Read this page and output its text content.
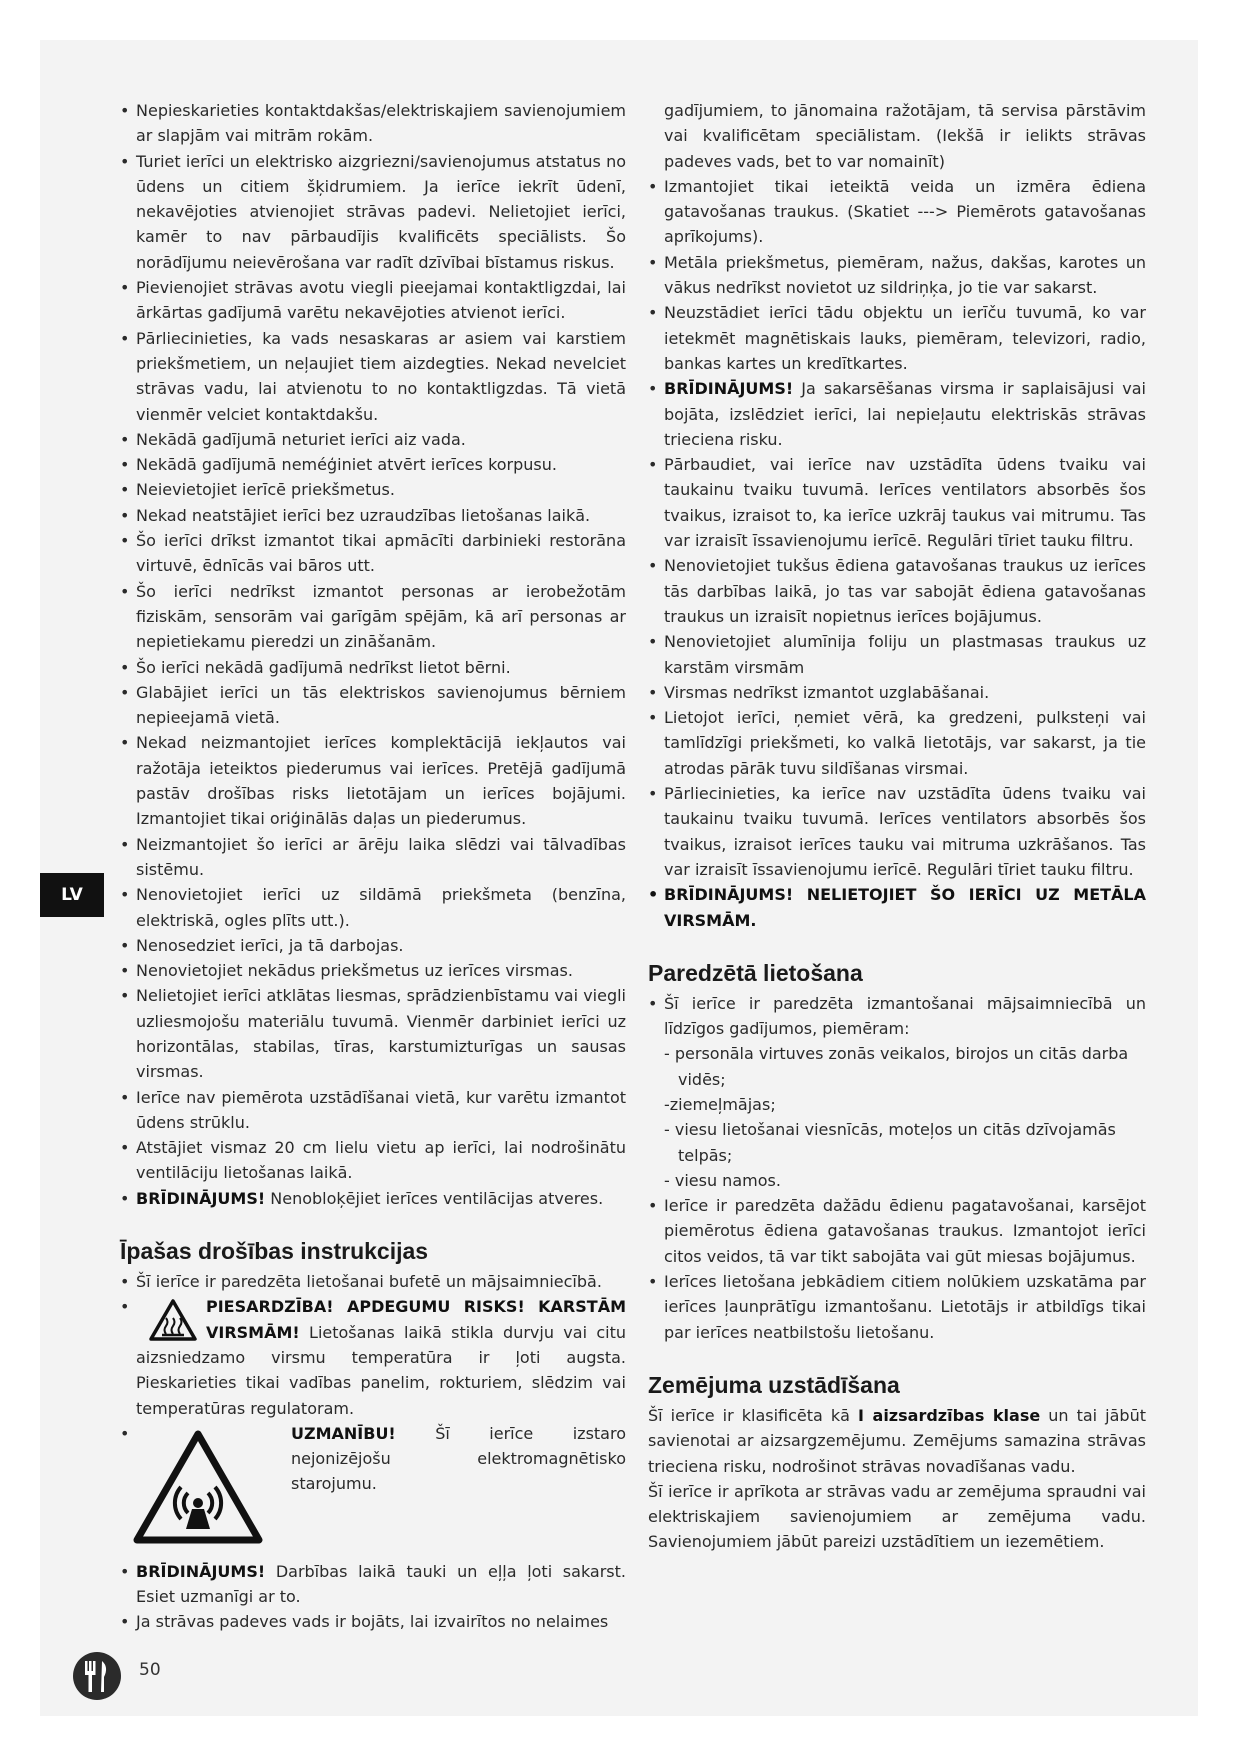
• Nepieskarieties kontaktdakšas/elektriskajiem savienojumiem ar slapjām vai mitrām rokām.
• Turiet ierīci un elektrisko aizgriezni/savienojumus atstatus no ūdens un citiem šķidrumiem. Ja ierīce iekrīt ūdenī, nekavējoties atvienojiet strāvas padevi. Nelietojiet ierīci, kamēr to nav pārbaudījis kvalificēts speciālists. Šo norādījumu neievērošana var radīt dzīvībai bīstamus riskus.
• Pievienojiet strāvas avotu viegli pieejamai kontaktligzdai, lai ārkārtas gadījumā varētu nekavējoties atvienot ierīci.
• Pārliecinieties, ka vads nesaskaras ar asiem vai karstiem priekšmetiem, un neļaujiet tiem aizdegties. Nekad nevelciet strāvas vadu, lai atvienotu to no kontaktligzdas. Tā vietā vienmēr velciet kontaktdakšu.
• Nekādā gadījumā neturiet ierīci aiz vada.
• Nekādā gadījumā neméģiniet atvērt ierīces korpusu.
• Neievietojiet ierīcē priekšmetus.
• Nekad neatstājiet ierīci bez uzraudzības lietošanas laikā.
• Šo ierīci drīkst izmantot tikai apmācīti darbinieki restorāna virtuvē, ēdnīcās vai bāros utt.
• Šo ierīci nedrīkst izmantot personas ar ierobežotām fiziskām, sensorām vai garīgām spējām, kā arī personas ar nepietiekamu pieredzi un zināšanām.
• Šo ierīci nekādā gadījumā nedrīkst lietot bērni.
• Glabājiet ierīci un tās elektriskos savienojumus bērniem nepieejamā vietā.
• Nekad neizmantojiet ierīces komplektācijā iekļautos vai ražotāja ieteiktos piederumus vai ierīces. Pretējā gadījumā pastāv drošības risks lietotājam un ierīces bojājumi. Izmantojiet tikai oriģinālās daļas un piederumus.
• Neizmantojiet šo ierīci ar ārēju laika slēdzi vai tālvadības sistēmu.
• Nenovietojiet ierīci uz sildāmā priekšmeta (benzīna, elektriskā, ogles plīts utt.).
• Nenosedziet ierīci, ja tā darbojas.
• Nenovietojiet nekādus priekšmetus uz ierīces virsmas.
• Nelietojiet ierīci atklātas liesmas, sprādzienbīstamu vai viegli uzliesmojošu materiālu tuvumā. Vienmēr darbiniet ierīci uz horizontālas, stabilas, tīras, karstumizturīgas un sausas virsmas.
• Ierīce nav piemērota uzstādīšanai vietā, kur varētu izmantot ūdens strūklu.
• Atstājiet vismaz 20 cm lielu vietu ap ierīci, lai nodrošinātu ventilāciju lietošanas laikā.
• BRĪDINĀJUMS! Nenobloķējiet ierīces ventilācijas atveres.
Īpašas drošības instrukcijas
• Šī ierīce ir paredzēta lietošanai bufetē un mājsaimniecībā.
• PIESARDZĪBA! APDEGUMU RISKS! KARSTĀM VIRSMĀM! Lietošanas laikā stikla durvju vai citu aizsniedzamo virsmu temperatūra ir ļoti augsta. Pieskarieties tikai vadības panelim, rokturiem, slēdzim vai temperatūras regulatoram.
• UZMANĪBU! Šī ierīce izstaro nejonizējošu elektromagnētisko starojumu.
• BRĪDINĀJUMS! Darbības laikā tauki un eļļa ļoti sakarst. Esiet uzmanīgi ar to.
• Ja strāvas padeves vads ir bojāts, lai izvairītos no nelaimes
gadījumiem, to jānomaina ražotājam, tā servisa pārstāvim vai kvalificētam speciālistam. (Iekšā ir ielikts strāvas padeves vads, bet to var nomainīt)
• Izmantojiet tikai ieteiktā veida un izmēra ēdiena gatavošanas traukus. (Skatiet ---> Piemērots gatavošanas aprīkojums).
• Metāla priekšmetus, piemēram, nažus, dakšas, karotes un vākus nedrīkst novietot uz sildriņķa, jo tie var sakarst.
• Neuzstādiet ierīci tādu objektu un ierīču tuvumā, ko var ietekmēt magnētiskais lauks, piemēram, televizori, radio, bankas kartes un kredītkartes.
• BRĪDINĀJUMS! Ja sakarsēšanas virsma ir saplaisājusi vai bojāta, izslēdziet ierīci, lai nepieļautu elektriskās strāvas trieciena risku.
• Pārbaudiet, vai ierīce nav uzstādīta ūdens tvaiku vai taukainu tvaiku tuvumā. Ierīces ventilators absorbēs šos tvaikus, izraisot to, ka ierīce uzkrāj taukus vai mitrumu. Tas var izraisīt īssavienojumu ierīcē. Regulāri tīriet tauku filtru.
• Nenovietojiet tukšus ēdiena gatavošanas traukus uz ierīces tās darbības laikā, jo tas var sabojāt ēdiena gatavošanas traukus un izraisīt nopietnus ierīces bojājumus.
• Nenovietojiet alumīnija foliju un plastmasas traukus uz karstām virsmām
• Virsmas nedrīkst izmantot uzglabāšanai.
• Lietojot ierīci, ņemiet vērā, ka gredzeni, pulksteņi vai tamlīdzīgi priekšmeti, ko valkā lietotājs, var sakarst, ja tie atrodas pārāk tuvu sildīšanas virsmai.
• Pārliecinieties, ka ierīce nav uzstādīta ūdens tvaiku vai taukainu tvaiku tuvumā. Ierīces ventilators absorbēs šos tvaikus, izraisot ierīces tauku vai mitruma uzkrāšanos. Tas var izraisīt īssavienojumu ierīcē. Regulāri tīriet tauku filtru.
• BRĪDINĀJUMS! NELIETOJIET ŠO IERĪCI UZ METĀLA VIRSMĀM.
Paredzētā lietošana
• Šī ierīce ir paredzēta izmantošanai mājsaimniecībā un līdzīgos gadījumos, piemēram:
- personāla virtuves zonās veikalos, birojos un citās darba vidēs;
-ziemeļmājas;
- viesu lietošanai viesnīcās, moteļos un citās dzīvojamās telpās;
- viesu namos.
• Ierīce ir paredzēta dažādu ēdienu pagatavošanai, karsējot piemērotus ēdiena gatavošanas traukus. Izmantojot ierīci citos veidos, tā var tikt sabojāta vai gūt miesas bojājumus.
• Ierīces lietošana jebkādiem citiem nolūkiem uzskatāma par ierīces ļaunprātīgu izmantošanu. Lietotājs ir atbildīgs tikai par ierīces neatbilstošu lietošanu.
Zemējuma uzstādīšana
Šī ierīce ir klasificēta kā I aizsardzības klase un tai jābūt savienotai ar aizsargzemējumu. Zemējums samazina strāvas trieciena risku, nodrošinot strāvas novadīšanas vadu.
Šī ierīce ir aprīkota ar strāvas vadu ar zemējuma spraudni vai elektriskajiem savienojumiem ar zemējuma vadu. Savienojumiem jābūt pareizi uzstādītiem un iezemētiem.
LV
50
